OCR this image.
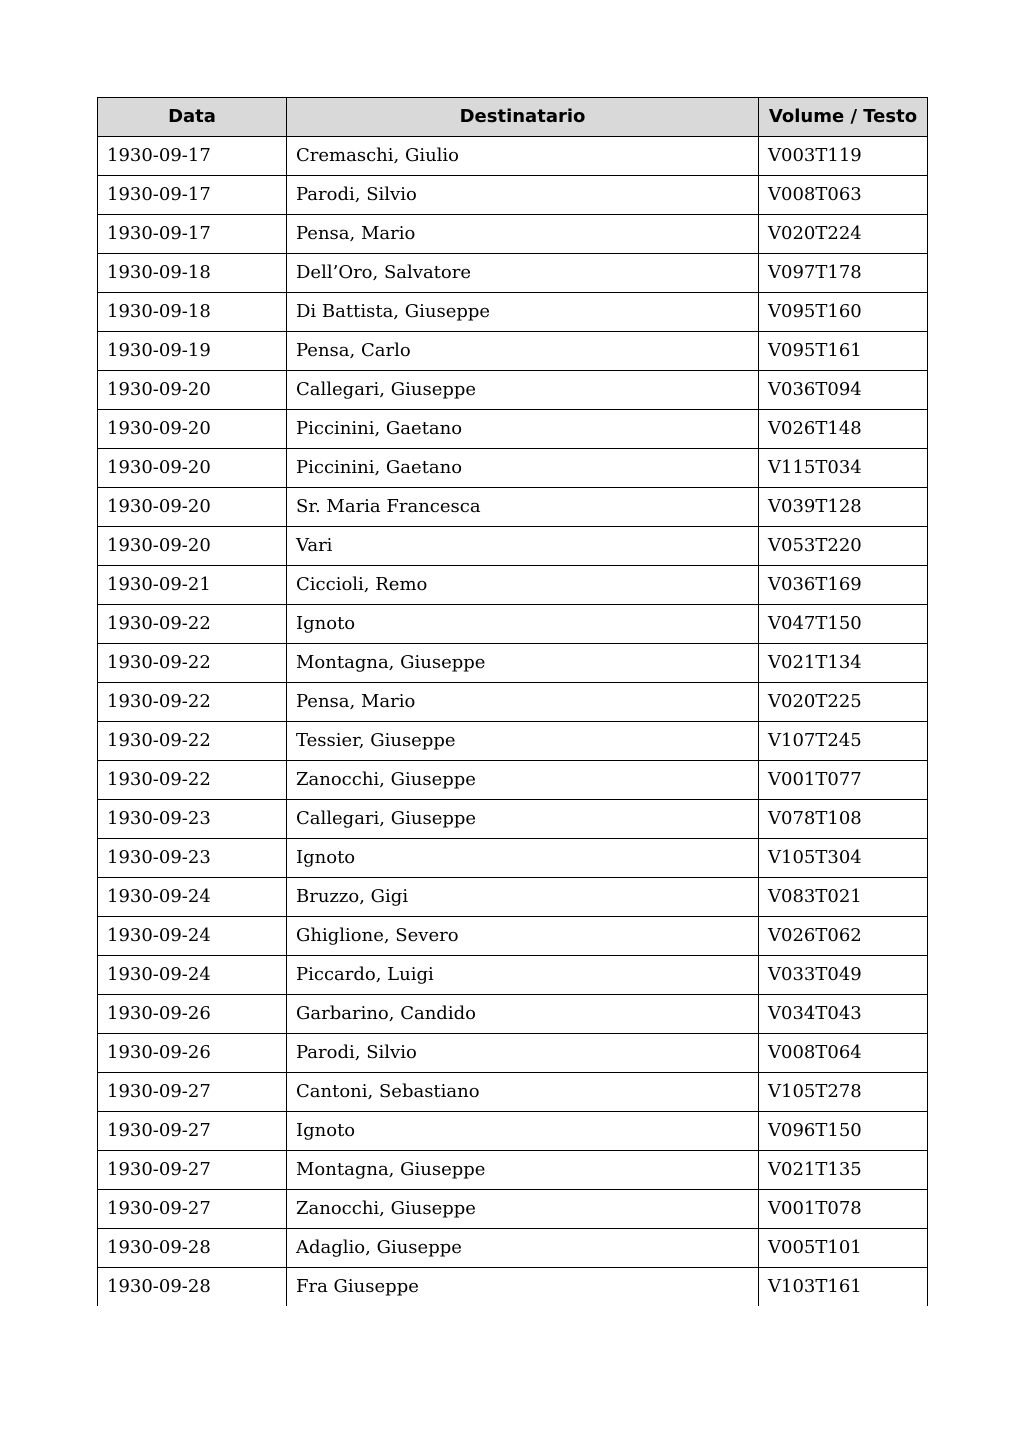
Data	Destinatario	Volume / Testo
1930-09-17	Cremaschi, Giulio	V003T119
1930-09-17	Parodi, Silvio	V008T063
1930-09-17	Pensa, Mario	V020T224
1930-09-18	Dell’Oro, Salvatore	V097T178
1930-09-18	Di Battista, Giuseppe	V095T160
1930-09-19	Pensa, Carlo	V095T161
1930-09-20	Callegari, Giuseppe	V036T094
1930-09-20	Piccinini, Gaetano	V026T148
1930-09-20	Piccinini, Gaetano	V115T034
1930-09-20	Sr. Maria Francesca	V039T128
1930-09-20	Vari	V053T220
1930-09-21	Ciccioli, Remo	V036T169
1930-09-22	Ignoto	V047T150
1930-09-22	Montagna, Giuseppe	V021T134
1930-09-22	Pensa, Mario	V020T225
1930-09-22	Tessier, Giuseppe	V107T245
1930-09-22	Zanocchi, Giuseppe	V001T077
1930-09-23	Callegari, Giuseppe	V078T108
1930-09-23	Ignoto	V105T304
1930-09-24	Bruzzo, Gigi	V083T021
1930-09-24	Ghiglione, Severo	V026T062
1930-09-24	Piccardo, Luigi	V033T049
1930-09-26	Garbarino, Candido	V034T043
1930-09-26	Parodi, Silvio	V008T064
1930-09-27	Cantoni, Sebastiano	V105T278
1930-09-27	Ignoto	V096T150
1930-09-27	Montagna, Giuseppe	V021T135
1930-09-27	Zanocchi, Giuseppe	V001T078
1930-09-28	Adaglio, Giuseppe	V005T101
1930-09-28	Fra Giuseppe	V103T161
